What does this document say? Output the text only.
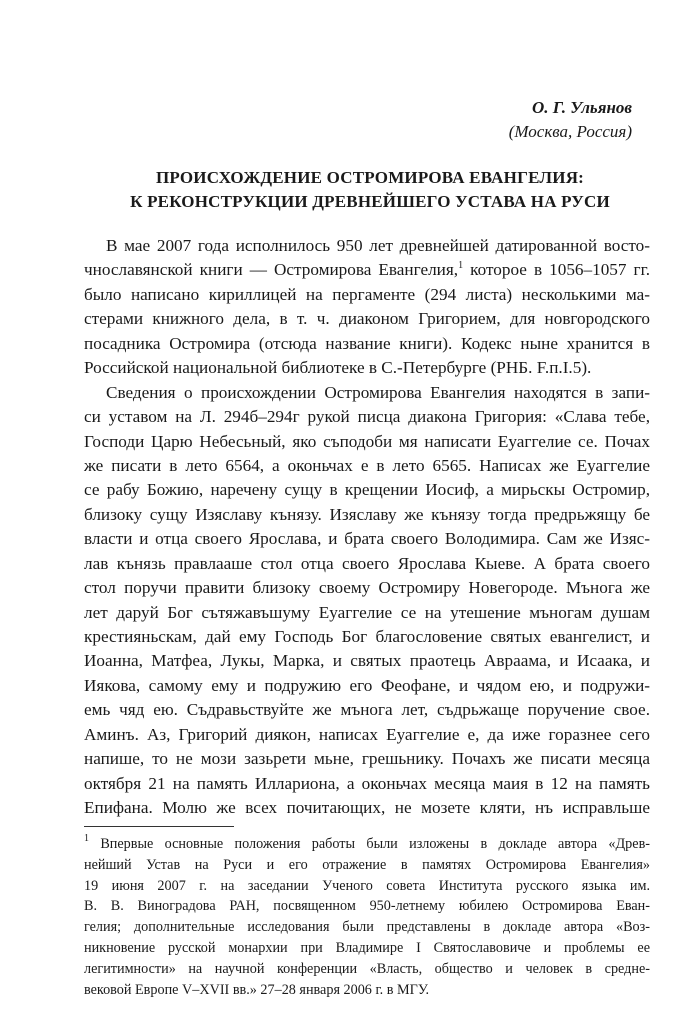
О. Г. Ульянов
(Москва, Россия)
ПРОИСХОЖДЕНИЕ ОСТРОМИРОВА ЕВАНГЕЛИЯ:
К РЕКОНСТРУКЦИИ ДРЕВНЕЙШЕГО УСТАВА НА РУСИ
В мае 2007 года исполнилось 950 лет древнейшей датированной восто-
чнославянской книги — Остромирова Евангелия,$^1$ которое в 1056–1057 гг.
было написано кириллицей на пергаменте (294 листа) несколькими ма-
стерами книжного дела, в т. ч. диаконом Григорием, для новгородского
посадника Остромира (отсюда название книги). Кодекс ныне хранится в
Российской национальной библиотеке в С.-Петербурге (РНБ. F.п.I.5).
Сведения о происхождении Остромирова Евангелия находятся в запи-
си уставом на Л. 294б–294г рукой писца диакона Григория: «Слава тебе,
Господи Царю Небесьный, яко съподоби мя написати Еуаггелие се. Почах
же писати в лето 6564, а оконьчах е в лето 6565. Написах же Еуаггелие
се рабу Божию, наречену сущу в крещении Иосиф, а мирьскы Остромир,
близоку сущу Изяславу кънязу. Изяславу же кънязу тогда предрьжящу бе
власти и отца своего Ярослава, и брата своего Володимира. Сам же Изяс-
лав кънязь правлааше стол отца своего Ярослава Кыеве. А брата своего
стол поручи правити близоку своему Остромиру Новегороде. Мънога же
лет даруй Бог сътяжавъшуму Еуаггелие се на утешение мъногам душам
крестияньскам, дай ему Господь Бог благословение святых евангелист, и
Иоанна, Матфеа, Лукы, Марка, и святых праотець Авраама, и Исаака, и
Иякова, самому ему и подружию его Феофане, и чядом ею, и подружи-
емь чяд ею. Съдравьствуйте же мънога лет, съдрьжаще поручение свое.
Аминъ. Аз, Григорий диякон, написах Еуаггелие е, да иже горазнее сего
напише, то не мози зазьрети мьне, грешьнику. Почахъ же писати месяца
октября 21 на память Иллариона, а оконьчах месяца маия в 12 на память
Епифана. Молю же всех почитающих, не мозете кляти, нъ исправльше
$^1$ Впервые основные положения работы были изложены в докладе автора «Древ-
нейший Устав на Руси и его отражение в памятях Остромирова Евангелия»
19 июня 2007 г. на заседании Ученого совета Института русского языка им.
В. В. Виноградова РАН, посвященном 950-летнему юбилею Остромирова Еван-
гелия; дополнительные исследования были представлены в докладе автора «Воз-
никновение русской монархии при Владимире I Святославовиче и проблемы ее
легитимности» на научной конференции «Власть, общество и человек в средне-
вековой Европе V–XVII вв.» 27–28 января 2006 г. в МГУ.
